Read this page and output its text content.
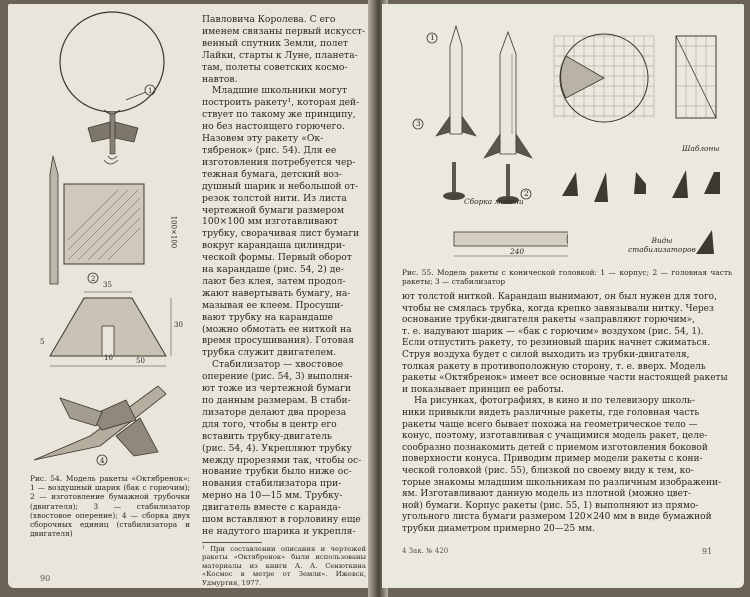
1
2
100×100
35
30
10	50
5
4

Павловича Королева. С его

именем связаны первый искусст-

венный спутник Земли, полет

Лайки, старты к Луне, планета-

там, полеты советских космо-

навтов.

Младшие школьники могут

построить ракету¹, которая дей-

ствует по такому же принципу,

но без настоящего горючего.

Назовем эту ракету «Ок-

тябренок» (рис. 54). Для ее

изготовления потребуется чер-

тежная бумага, детский воз-

душный шарик и небольшой от-

резок толстой нити. Из листа

чертежной бумаги размером

100×100 мм изготавливают

трубку, сворачивая лист бумаги

вокруг карандаша цилиндри-

ческой формы. Первый оборот

на карандаше (рис. 54, 2) де-

лают без клея, затем продол-

жают навертывать бумагу, на-

мазывая ее клеем. Просуши-

вают трубку на карандаше

(можно обмотать ее ниткой на

время просушивания). Готовая

трубка служит двигателем.

Стабилизатор — хвостовое

оперение (рис. 54, 3) выполня-

ют тоже из чертежной бумаги

по данным размерам. В стаби-

лизаторе делают два прореза

для того, чтобы в центр его

вставить трубку-двигатель

(рис. 54, 4). Укрепляют трубку

между прорезями так, чтобы ос-

нование трубки было ниже ос-

нования стабилизатора при-

мерно на 10—15 мм. Трубку-

двигатель вместе с каранда-

шом вставляют в горловину еще

не надутого шарика и укрепля-

Рис. 54. Модель ракеты «Октябренок»: 1 — воздушный шарик (бак с горючим); 2 — изготовление бумажной трубочки (двигателя); 3 — стабилизатор (хвостовое оперение); 4 — сборка двух сборочных единиц (стабилизатора и двигателя)
¹ При составлении описания и чертежей ракеты «Октябренок» были использованы материалы из книги А. А. Сенюткина «Космос в метре от Земли». Ижевск, Удмуртия, 1977.
90
1
3
2
Сборка модели
240
Шаблоны
Виды стабилизаторов
Рис. 55. Модель ракеты с конической головкой: 1 — корпус; 2 — головная часть ракеты; 3 — стабилизатор

ют толстой ниткой. Карандаш вынимают, он был нужен для того,

чтобы не смялась трубка, когда крепко завязывали нитку. Через

основание трубки-двигателя ракеты «заправляют горючим»,

т. е. надувают шарик — «бак с горючим» воздухом (рис. 54, 1).

Если отпустить ракету, то резиновый шарик начнет сжиматься.

Струя воздуха будет с силой выходить из трубки-двигателя,

толкая ракету в противоположную сторону, т. е. вверх. Модель

ракеты «Октябренок» имеет все основные части настоящей ракеты

и показывает принцип ее работы.

На рисунках, фотографиях, в кино и по телевизору школь-

ники привыкли видеть различные ракеты, где головная часть

ракеты чаще всего бывает похожа на геометрическое тело —

конус, поэтому, изготавливая с учащимися модель ракет, целе-

сообразно познакомить детей с приемом изготовления боковой

поверхности конуса. Приводим пример модели ракеты с кони-

ческой головкой (рис. 55), близкой по своему виду к тем, ко-

торые знакомы младшим школьникам по различным изображени-

ям. Изготавливают данную модель из плотной (можно цвет-

ной) бумаги. Корпус ракеты (рис. 55, 1) выполняют из прямо-

угольного листа бумаги размером 120×240 мм в виде бумажной

трубки диаметром примерно 20—25 мм.

4 Зак. № 420	91
